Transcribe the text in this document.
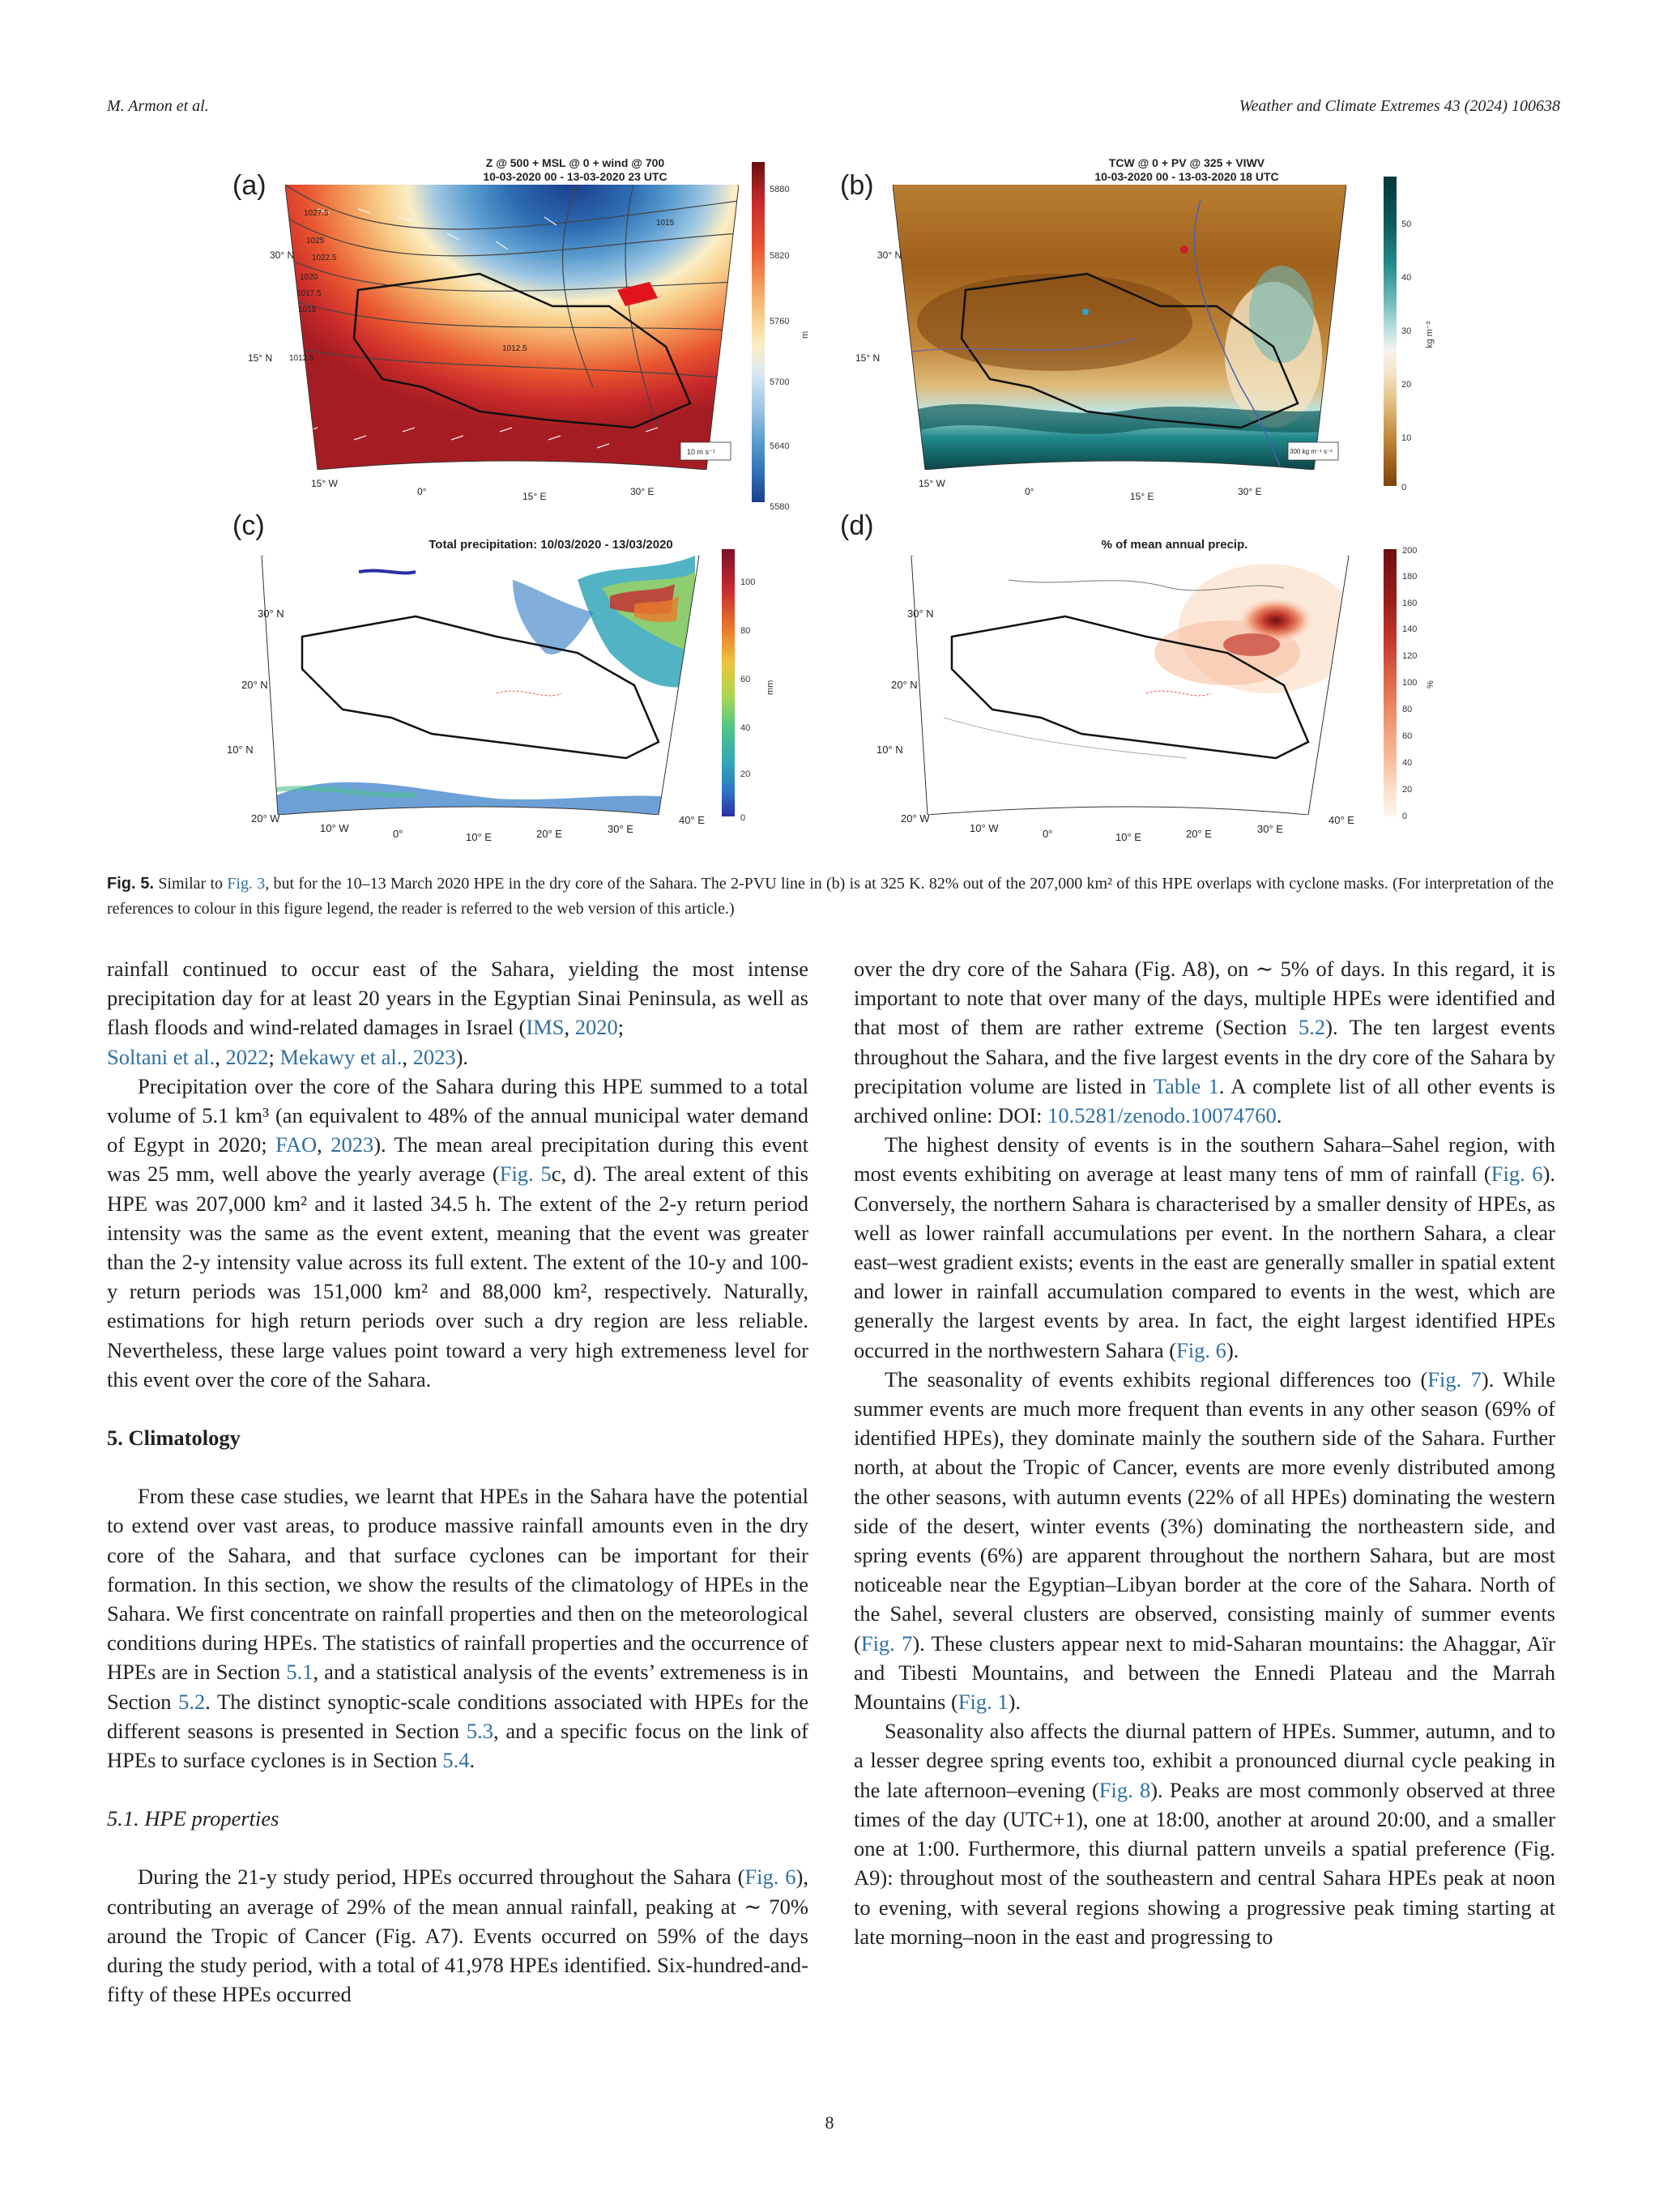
M. Armon et al.	Weather and Climate Extremes 43 (2024) 100638
(a)
Z @ 500 + MSL @ 0 + wind @ 700
10-03-2020 00 - 13-03-2020 23 UTC
10 m s⁻¹
1027.5
1025
1022.5
1020
1017.5
1015
1012.5
1012.5
1015
30° N
15° N
15° W
0°	15° E	30° E
5880
5820
5760
5700
5640
5580
m
(b)
TCW @ 0 + PV @ 325 + VIWV
10-03-2020 00 - 13-03-2020 18 UTC
300 kg m⁻¹ s⁻¹
30° N
15° N
15° W
0°	15° E	30° E
50
40
30
20
10
0
kg m⁻²
(c)
Total precipitation: 10/03/2020 - 13/03/2020
30° N
20° N
10° N
20° W
10° W	0°	10° E	20° E	30° E
40° E
100
80
60
40
20
0
mm
(d)
% of mean annual precip.
30° N
20° N
10° N
20° W
10° W	0°	10° E	20° E	30° E
40° E
200
180
160
140
120
100
80
60
40
20
0
%
Fig. 5. Similar to Fig. 3, but for the 10–13 March 2020 HPE in the dry core of the Sahara. The 2-PVU line in (b) is at 325 K. 82% out of the 207,000 km² of this HPE overlaps with cyclone masks. (For interpretation of the references to colour in this figure legend, the reader is referred to the web version of this article.)

rainfall continued to occur east of the Sahara, yielding the most intense precipitation day for at least 20 years in the Egyptian Sinai Peninsula, as well as flash floods and wind-related damages in Israel (IMS, 2020;
Soltani et al., 2022; Mekawy et al., 2023).

Precipitation over the core of the Sahara during this HPE summed to a total volume of 5.1 km³ (an equivalent to 48% of the annual municipal water demand of Egypt in 2020; FAO, 2023). The mean areal precipitation during this event was 25 mm, well above the yearly average (Fig. 5c, d). The areal extent of this HPE was 207,000 km² and it lasted 34.5 h. The extent of the 2-y return period intensity was the same as the event extent, meaning that the event was greater than the 2-y intensity value across its full extent. The extent of the 10-y and 100-y return periods was 151,000 km² and 88,000 km², respectively. Naturally, estimations for high return periods over such a dry region are less reliable. Nevertheless, these large values point toward a very high extremeness level for this event over the core of the Sahara.

5. Climatology

From these case studies, we learnt that HPEs in the Sahara have the potential to extend over vast areas, to produce massive rainfall amounts even in the dry core of the Sahara, and that surface cyclones can be important for their formation. In this section, we show the results of the climatology of HPEs in the Sahara. We first concentrate on rainfall properties and then on the meteorological conditions during HPEs. The statistics of rainfall properties and the occurrence of HPEs are in Section 5.1, and a statistical analysis of the events’ extremeness is in Section 5.2. The distinct synoptic-scale conditions associated with HPEs for the different seasons is presented in Section 5.3, and a specific focus on the link of HPEs to surface cyclones is in Section 5.4.

5.1. HPE properties

During the 21-y study period, HPEs occurred throughout the Sahara (Fig. 6), contributing an average of 29% of the mean annual rainfall, peaking at ∼ 70% around the Tropic of Cancer (Fig. A7). Events occurred on 59% of the days during the study period, with a total of 41,978 HPEs identified. Six-hundred-and-fifty of these HPEs occurred

over the dry core of the Sahara (Fig. A8), on ∼ 5% of days. In this regard, it is important to note that over many of the days, multiple HPEs were identified and that most of them are rather extreme (Section 5.2). The ten largest events throughout the Sahara, and the five largest events in the dry core of the Sahara by precipitation volume are listed in Table 1. A complete list of all other events is archived online: DOI: 10.5281/zenodo.10074760.

The highest density of events is in the southern Sahara–Sahel region, with most events exhibiting on average at least many tens of mm of rainfall (Fig. 6). Conversely, the northern Sahara is characterised by a smaller density of HPEs, as well as lower rainfall accumulations per event. In the northern Sahara, a clear east–west gradient exists; events in the east are generally smaller in spatial extent and lower in rainfall accumulation compared to events in the west, which are generally the largest events by area. In fact, the eight largest identified HPEs occurred in the northwestern Sahara (Fig. 6).

The seasonality of events exhibits regional differences too (Fig. 7). While summer events are much more frequent than events in any other season (69% of identified HPEs), they dominate mainly the southern side of the Sahara. Further north, at about the Tropic of Cancer, events are more evenly distributed among the other seasons, with autumn events (22% of all HPEs) dominating the western side of the desert, winter events (3%) dominating the northeastern side, and spring events (6%) are apparent throughout the northern Sahara, but are most noticeable near the Egyptian–Libyan border at the core of the Sahara. North of the Sahel, several clusters are observed, consisting mainly of summer events (Fig. 7). These clusters appear next to mid-Saharan mountains: the Ahaggar, Aïr and Tibesti Mountains, and between the Ennedi Plateau and the Marrah Mountains (Fig. 1).

Seasonality also affects the diurnal pattern of HPEs. Summer, autumn, and to a lesser degree spring events too, exhibit a pronounced diurnal cycle peaking in the late afternoon–evening (Fig. 8). Peaks are most commonly observed at three times of the day (UTC+1), one at 18:00, another at around 20:00, and a smaller one at 1:00. Furthermore, this diurnal pattern unveils a spatial preference (Fig. A9): throughout most of the southeastern and central Sahara HPEs peak at noon to evening, with several regions showing a progressive peak timing starting at late morning–noon in the east and progressing to

8
